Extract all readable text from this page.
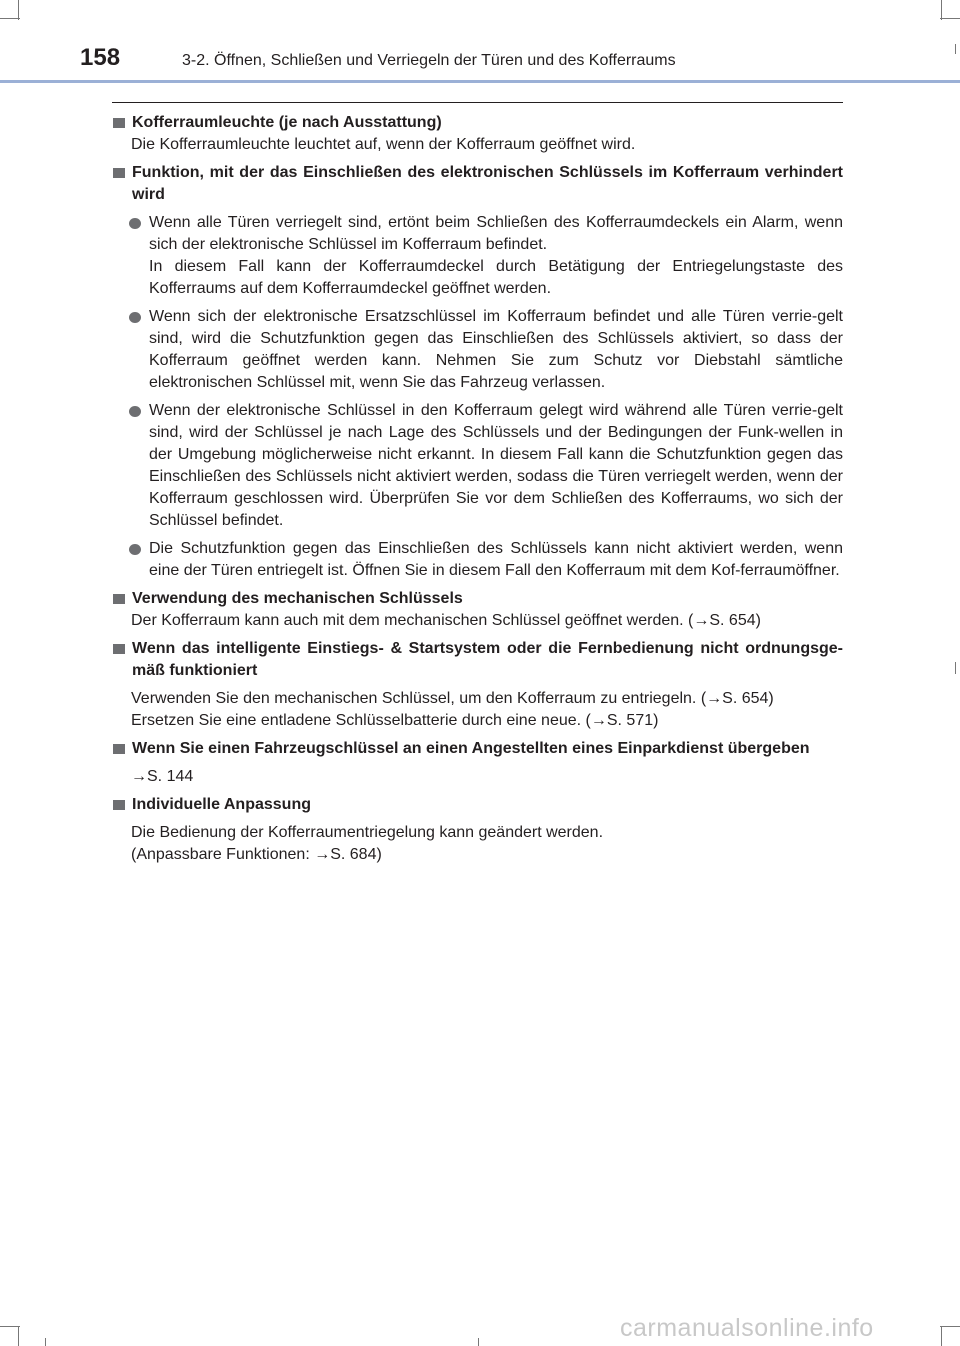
158	3-2. Öffnen, Schließen und Verriegeln der Türen und des Kofferraums
Kofferraumleuchte (je nach Ausstattung)
Die Kofferraumleuchte leuchtet auf, wenn der Kofferraum geöffnet wird.
Funktion, mit der das Einschließen des elektronischen Schlüssels im Kofferraum verhindert wird
Wenn alle Türen verriegelt sind, ertönt beim Schließen des Kofferraumdeckels ein Alarm, wenn sich der elektronische Schlüssel im Kofferraum befindet.
In diesem Fall kann der Kofferraumdeckel durch Betätigung der Entriegelungstaste des Kofferraums auf dem Kofferraumdeckel geöffnet werden.
Wenn sich der elektronische Ersatzschlüssel im Kofferraum befindet und alle Türen verrie-gelt sind, wird die Schutzfunktion gegen das Einschließen des Schlüssels aktiviert, so dass der Kofferraum geöffnet werden kann. Nehmen Sie zum Schutz vor Diebstahl sämtliche elektronischen Schlüssel mit, wenn Sie das Fahrzeug verlassen.
Wenn der elektronische Schlüssel in den Kofferraum gelegt wird während alle Türen verrie-gelt sind, wird der Schlüssel je nach Lage des Schlüssels und der Bedingungen der Funk-wellen in der Umgebung möglicherweise nicht erkannt. In diesem Fall kann die Schutzfunktion gegen das Einschließen des Schlüssels nicht aktiviert werden, sodass die Türen verriegelt werden, wenn der Kofferraum geschlossen wird. Überprüfen Sie vor dem Schließen des Kofferraums, wo sich der Schlüssel befindet.
Die Schutzfunktion gegen das Einschließen des Schlüssels kann nicht aktiviert werden, wenn eine der Türen entriegelt ist. Öffnen Sie in diesem Fall den Kofferraum mit dem Kof-ferraumöffner.
Verwendung des mechanischen Schlüssels
Der Kofferraum kann auch mit dem mechanischen Schlüssel geöffnet werden. (→S. 654)
Wenn das intelligente Einstiegs- & Startsystem oder die Fernbedienung nicht ordnungsge-mäß funktioniert
Verwenden Sie den mechanischen Schlüssel, um den Kofferraum zu entriegeln. (→S. 654)
Ersetzen Sie eine entladene Schlüsselbatterie durch eine neue. (→S. 571)
Wenn Sie einen Fahrzeugschlüssel an einen Angestellten eines Einparkdienst übergeben
→S. 144
Individuelle Anpassung
Die Bedienung der Kofferraumentriegelung kann geändert werden.
(Anpassbare Funktionen: →S. 684)
carmanualsonline.info
